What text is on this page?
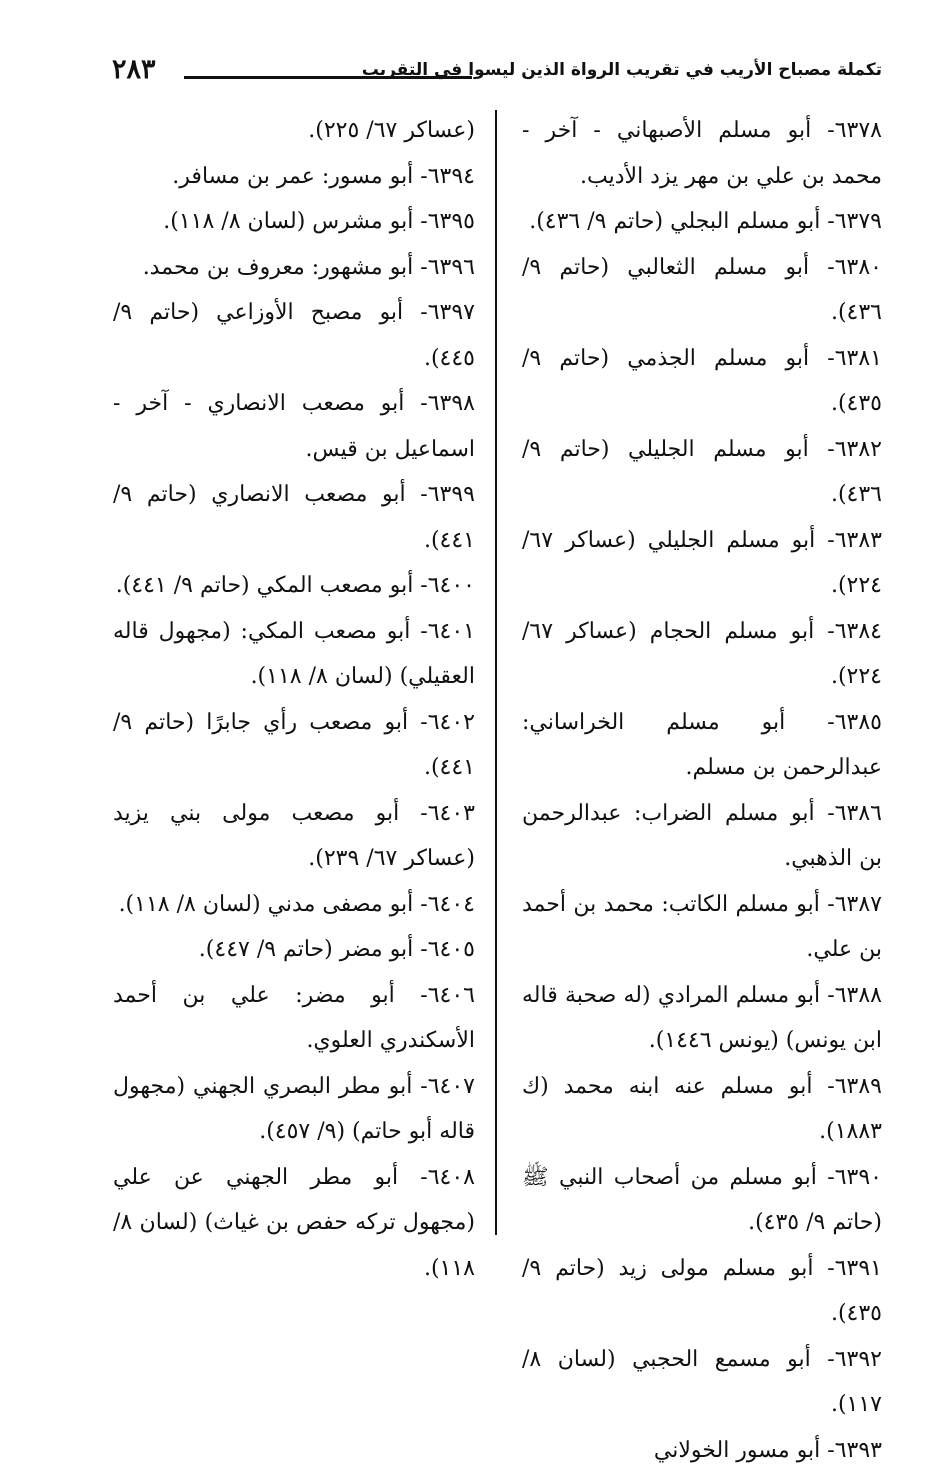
تكملة مصباح الأريب في تقريب الرواة الذين ليسوا في التقريب
٢٨٣
٦٣٧٨- أبو مسلم الأصبهاني - آخر - محمد بن علي بن مهر يزد الأديب.
٦٣٧٩- أبو مسلم البجلي (حاتم ٩/ ٤٣٦).
٦٣٨٠- أبو مسلم الثعالبي (حاتم ٩/ ٤٣٦).
٦٣٨١- أبو مسلم الجذمي (حاتم ٩/ ٤٣٥).
٦٣٨٢- أبو مسلم الجليلي (حاتم ٩/ ٤٣٦).
٦٣٨٣- أبو مسلم الجليلي (عساكر ٦٧/ ٢٢٤).
٦٣٨٤- أبو مسلم الحجام (عساكر ٦٧/ ٢٢٤).
٦٣٨٥- أبو مسلم الخراساني: عبدالرحمن بن مسلم.
٦٣٨٦- أبو مسلم الضراب: عبدالرحمن بن الذهبي.
٦٣٨٧- أبو مسلم الكاتب: محمد بن أحمد بن علي.
٦٣٨٨- أبو مسلم المرادي (له صحبة قاله ابن يونس) (يونس ١٤٤٦).
٦٣٨٩- أبو مسلم عنه ابنه محمد (ك ١٨٨٣).
٦٣٩٠- أبو مسلم من أصحاب النبي ﷺ (حاتم ٩/ ٤٣٥).
٦٣٩١- أبو مسلم مولى زيد (حاتم ٩/ ٤٣٥).
٦٣٩٢- أبو مسمع الحجبي (لسان ٨/ ١١٧).
٦٣٩٣- أبو مسور الخولاني
(عساكر ٦٧/ ٢٢٥).
٦٣٩٤- أبو مسور: عمر بن مسافر.
٦٣٩٥- أبو مشرس (لسان ٨/ ١١٨).
٦٣٩٦- أبو مشهور: معروف بن محمد.
٦٣٩٧- أبو مصبح الأوزاعي (حاتم ٩/ ٤٤٥).
٦٣٩٨- أبو مصعب الانصاري - آخر - اسماعيل بن قيس.
٦٣٩٩- أبو مصعب الانصاري (حاتم ٩/ ٤٤١).
٦٤٠٠- أبو مصعب المكي (حاتم ٩/ ٤٤١).
٦٤٠١- أبو مصعب المكي: (مجهول قاله العقيلي) (لسان ٨/ ١١٨).
٦٤٠٢- أبو مصعب رأي جابرًا (حاتم ٩/ ٤٤١).
٦٤٠٣- أبو مصعب مولى بني يزيد (عساكر ٦٧/ ٢٣٩).
٦٤٠٤- أبو مصفى مدني (لسان ٨/ ١١٨).
٦٤٠٥- أبو مضر (حاتم ٩/ ٤٤٧).
٦٤٠٦- أبو مضر: علي بن أحمد الأسكندري العلوي.
٦٤٠٧- أبو مطر البصري الجهني (مجهول قاله أبو حاتم) (٩/ ٤٥٧).
٦٤٠٨- أبو مطر الجهني عن علي (مجهول تركه حفص بن غياث) (لسان ٨/ ١١٨).
